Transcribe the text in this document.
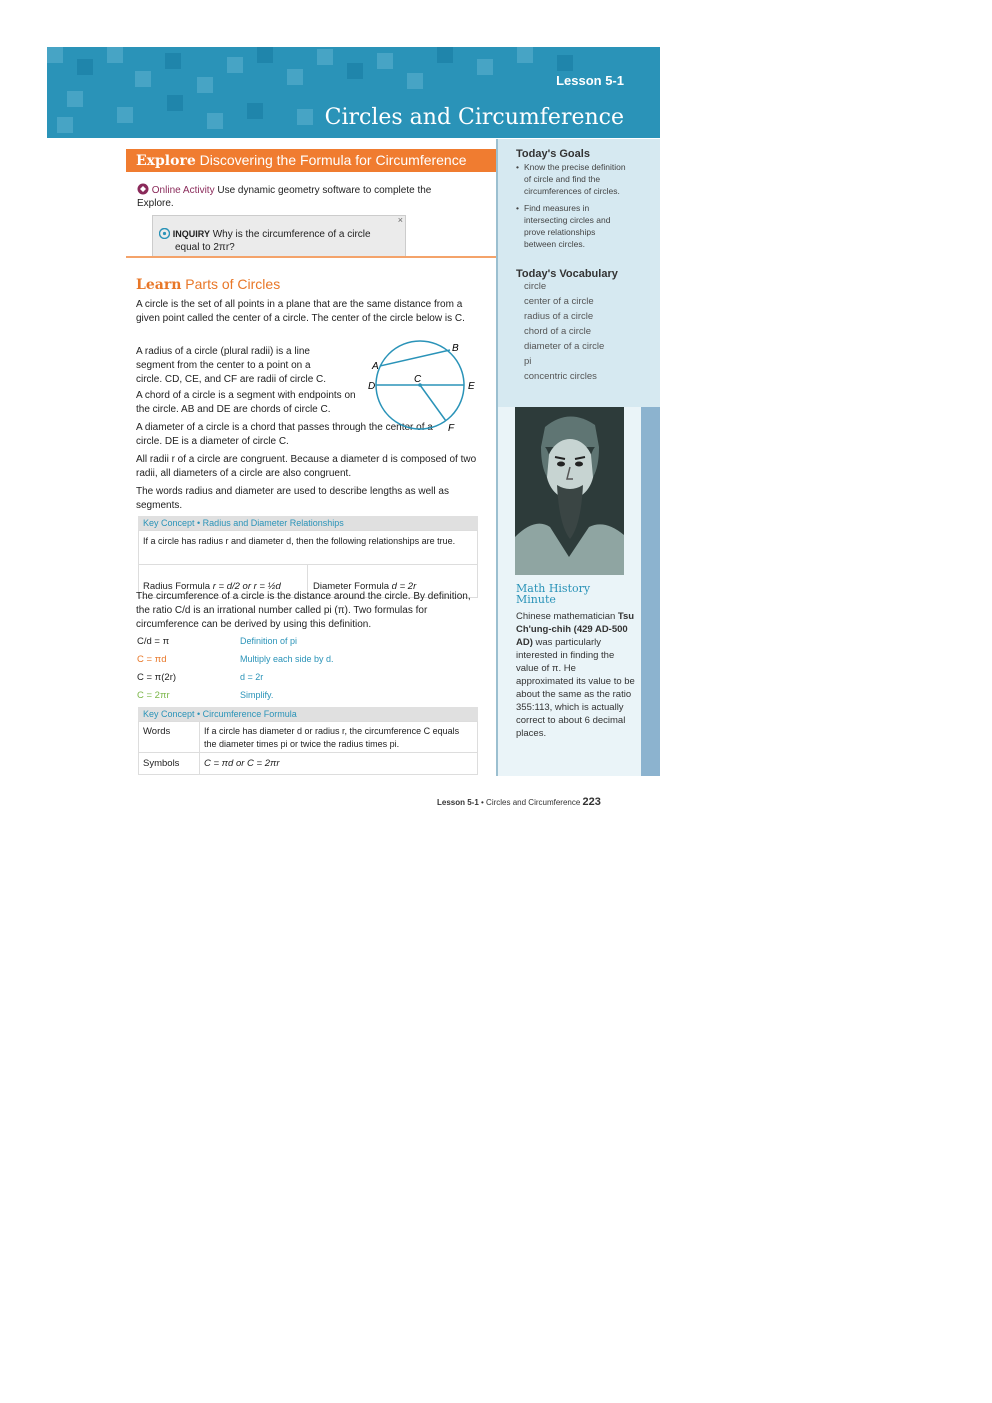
Lesson 5-1
Circles and Circumference
Explore Discovering the Formula for Circumference
Online Activity Use dynamic geometry software to complete the Explore.
×
INQUIRY Why is the circumference of a circle
equal to 2πr?
Learn Parts of Circles
A circle is the set of all points in a plane that are the same distance from a given point called the center of a circle. The center of the circle below is C.
A radius of a circle (plural radii) is a line segment from the center to a point on a circle. CD, CE, and CF are radii of circle C.
A chord of a circle is a segment with endpoints on the circle. AB and DE are chords of circle C.
A diameter of a circle is a chord that passes through the center of a circle. DE is a diameter of circle C.
All radii r of a circle are congruent. Because a diameter d is composed of two radii, all diameters of a circle are also congruent.
The words radius and diameter are used to describe lengths as well as segments.
A
B
C
D	E
F
Key Concept • Radius and Diameter Relationships
If a circle has radius r and diameter d, then the following relationships are true.
Radius Formula r = d/2 or r = ½d	Diameter Formula d = 2r
The circumference of a circle is the distance around the circle. By definition, the ratio C/d is an irrational number called pi (π). Two formulas for circumference can be derived by using this definition.
C/d = π	Definition of pi
C = πd	Multiply each side by d.
C = π(2r)	d = 2r
C = 2πr	Simplify.
Key Concept • Circumference Formula
Words	If a circle has diameter d or radius r, the circumference C equals the diameter times pi or twice the radius times pi.
Symbols	C = πd or C = 2πr
Today's Goals
• Know the precise definition of circle and find the circumferences of circles.
• Find measures in intersecting circles and prove relationships between circles.
Today's Vocabulary
circle
center of a circle
radius of a circle
chord of a circle
diameter of a circle
pi
concentric circles
Math History
Minute
Chinese mathematician Tsu Ch'ung-chih (429 AD-500 AD) was particularly interested in finding the value of π. He approximated its value to be about the same as the ratio 355:113, which is actually correct to about 6 decimal places.
Lesson 5-1 • Circles and Circumference 223
